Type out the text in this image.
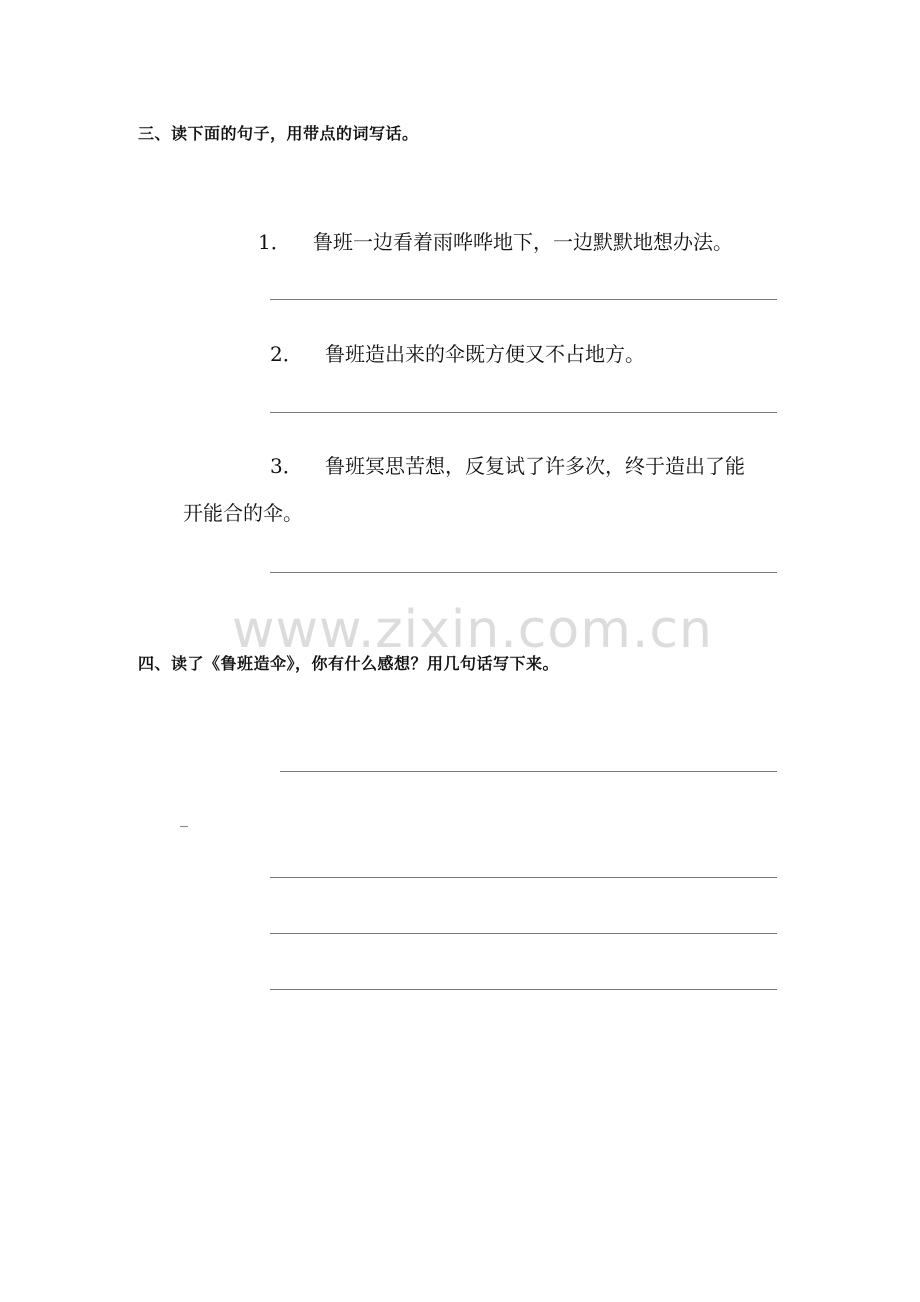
三、读下面的句子，用带点的词写话。
1． 鲁班一边看着雨哗哗地下，一边默默地想办法。
2． 鲁班造出来的伞既方便又不占地方。
3． 鲁班冥思苦想，反复试了许多次，终于造出了能
开能合的伞。
www.zixin.com.cn
四、读了《鲁班造伞》，你有什么感想？用几句话写下来。
_
